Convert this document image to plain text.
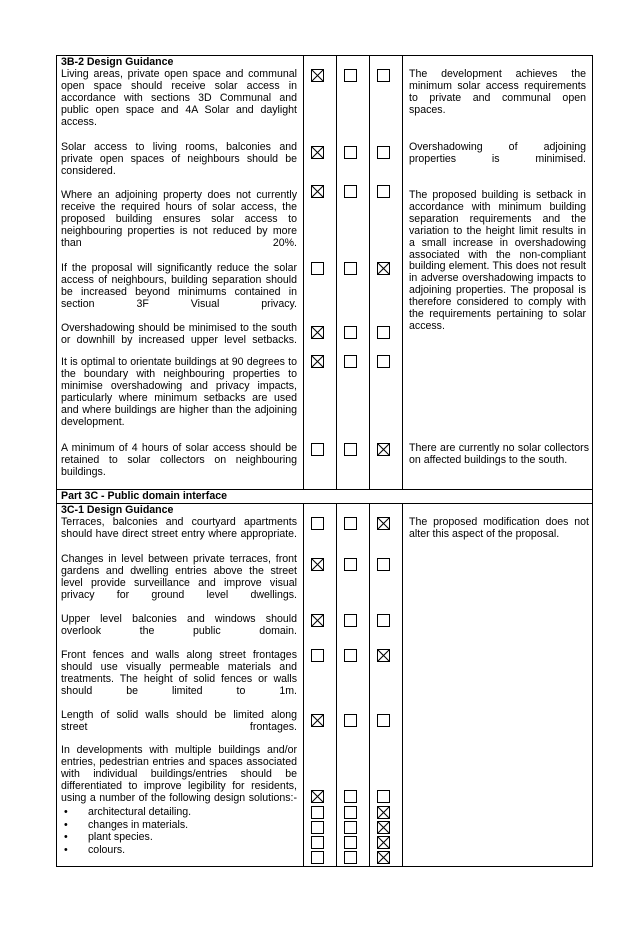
3B-2 Design Guidance
Living areas, private open space and communal open space should receive solar access in accordance with sections 3D Communal and public open space and 4A Solar and daylight access.
The development achieves the minimum solar access requirements to private and communal open spaces.
Solar access to living rooms, balconies and private open spaces of neighbours should be considered.
Overshadowing of adjoining properties is minimised.
Where an adjoining property does not currently receive the required hours of solar access, the proposed building ensures solar access to neighbouring properties is not reduced by more than 20%.
The proposed building is setback in accordance with minimum building separation requirements and the variation to the height limit results in a small increase in overshadowing associated with the non-compliant building element. This does not result in adverse overshadowing impacts to adjoining properties. The proposal is therefore considered to comply with the requirements pertaining to solar access.
If the proposal will significantly reduce the solar access of neighbours, building separation should be increased beyond minimums contained in section 3F Visual privacy.
Overshadowing should be minimised to the south or downhill by increased upper level setbacks.
It is optimal to orientate buildings at 90 degrees to the boundary with neighbouring properties to minimise overshadowing and privacy impacts, particularly where minimum setbacks are used and where buildings are higher than the adjoining development.
A minimum of 4 hours of solar access should be retained to solar collectors on neighbouring buildings.
There are currently no solar collectors on affected buildings to the south.
Part 3C - Public domain interface
3C-1 Design Guidance
Terraces, balconies and courtyard apartments should have direct street entry where appropriate.
The proposed modification does not alter this aspect of the proposal.
Changes in level between private terraces, front gardens and dwelling entries above the street level provide surveillance and improve visual privacy for ground level dwellings.
Upper level balconies and windows should overlook the public domain.
Front fences and walls along street frontages should use visually permeable materials and treatments. The height of solid fences or walls should be limited to 1m.
Length of solid walls should be limited along street frontages.
In developments with multiple buildings and/or entries, pedestrian entries and spaces associated with individual buildings/entries should be differentiated to improve legibility for residents, using a number of the following design solutions:-
• architectural detailing.
• changes in materials.
• plant species.
• colours.
